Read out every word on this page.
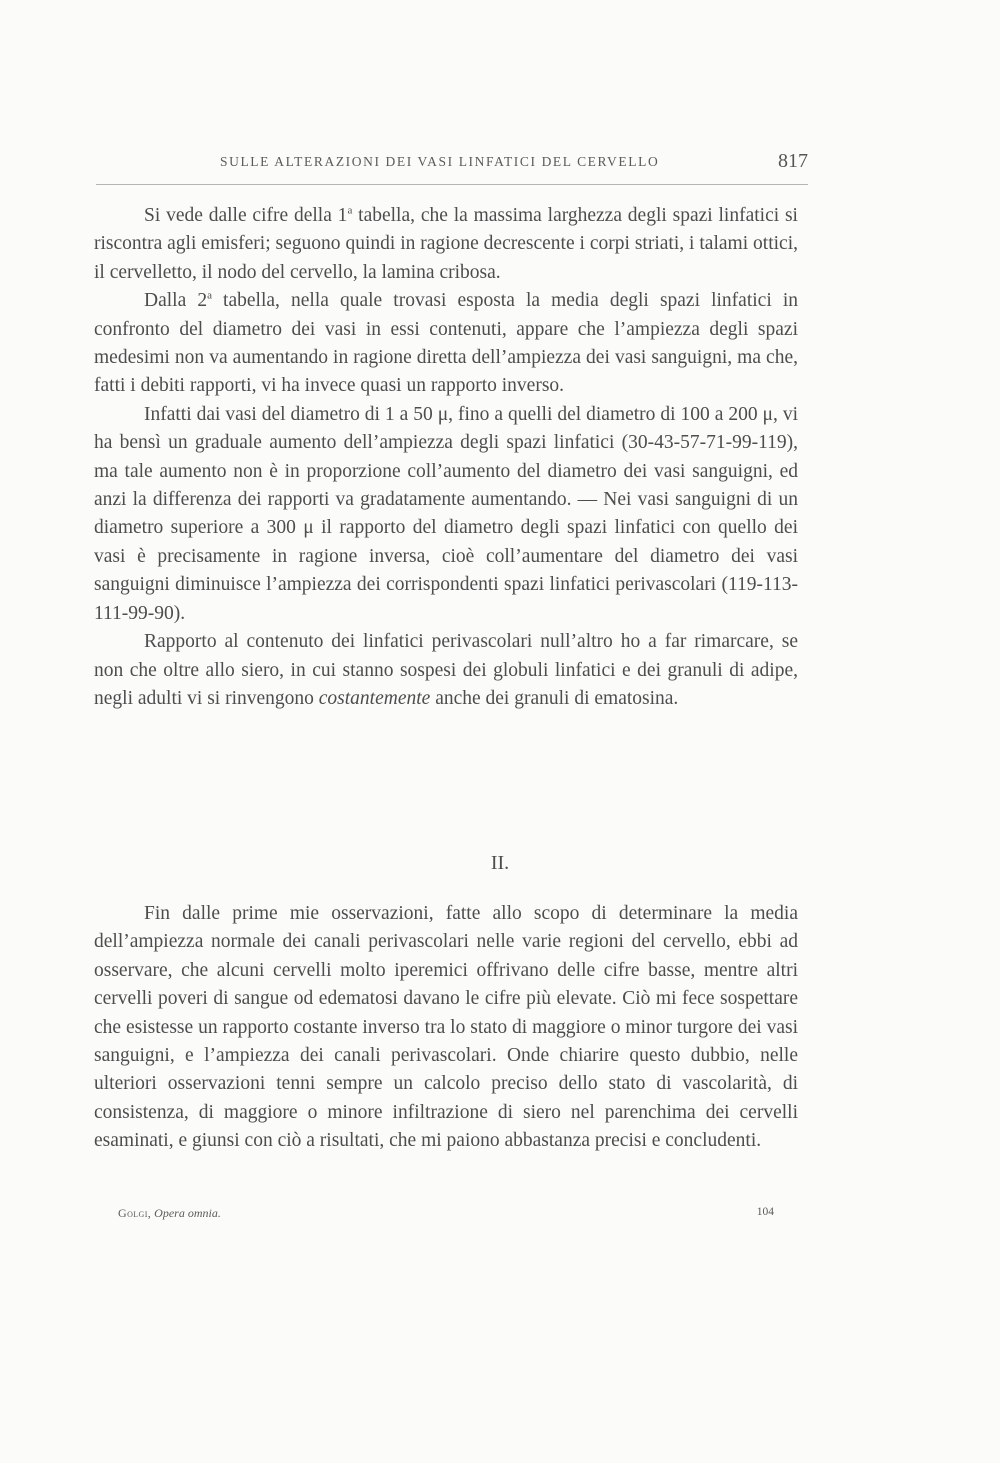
SULLE ALTERAZIONI DEI VASI LINFATICI DEL CERVELLO	817

Si vede dalle cifre della 1$^a$ tabella, che la massima larghezza degli spazi linfatici si riscontra agli emisferi; seguono quindi in ragione decrescente i corpi striati, i talami ottici, il cervelletto, il nodo del cervello, la lamina cribosa.

Dalla 2$^a$ tabella, nella quale trovasi esposta la media degli spazi linfatici in confronto del diametro dei vasi in essi contenuti, appare che l’ampiezza degli spazi medesimi non va aumentando in ragione diretta dell’ampiezza dei vasi sanguigni, ma che, fatti i debiti rapporti, vi ha invece quasi un rapporto inverso.

Infatti dai vasi del diametro di 1 a 50 μ, fino a quelli del diametro di 100 a 200 μ, vi ha bensì un graduale aumento dell’ampiezza degli spazi linfatici (30-43-57-71-99-119), ma tale aumento non è in proporzione coll’aumento del diametro dei vasi sanguigni, ed anzi la differenza dei rapporti va gradatamente aumentando. — Nei vasi sanguigni di un diametro superiore a 300 μ il rapporto del diametro degli spazi linfatici con quello dei vasi è precisamente in ragione inversa, cioè coll’aumentare del diametro dei vasi sanguigni diminuisce l’ampiezza dei corrispondenti spazi linfatici perivascolari (119-113-111-99-90).

Rapporto al contenuto dei linfatici perivascolari null’altro ho a far rimarcare, se non che oltre allo siero, in cui stanno sospesi dei globuli linfatici e dei granuli di adipe, negli adulti vi si rinvengono costantemente anche dei granuli di ematosina.

II.

Fin dalle prime mie osservazioni, fatte allo scopo di determinare la media dell’ampiezza normale dei canali perivascolari nelle varie regioni del cervello, ebbi ad osservare, che alcuni cervelli molto iperemici offrivano delle cifre basse, mentre altri cervelli poveri di sangue od edematosi davano le cifre più elevate. Ciò mi fece sospettare che esistesse un rapporto costante inverso tra lo stato di maggiore o minor turgore dei vasi sanguigni, e l’ampiezza dei canali perivascolari. Onde chiarire questo dubbio, nelle ulteriori osservazioni tenni sempre un calcolo preciso dello stato di vascolarità, di consistenza, di maggiore o minore infiltrazione di siero nel parenchima dei cervelli esaminati, e giunsi con ciò a risultati, che mi paiono abbastanza precisi e concludenti.

Golgi, Opera omnia.	104
